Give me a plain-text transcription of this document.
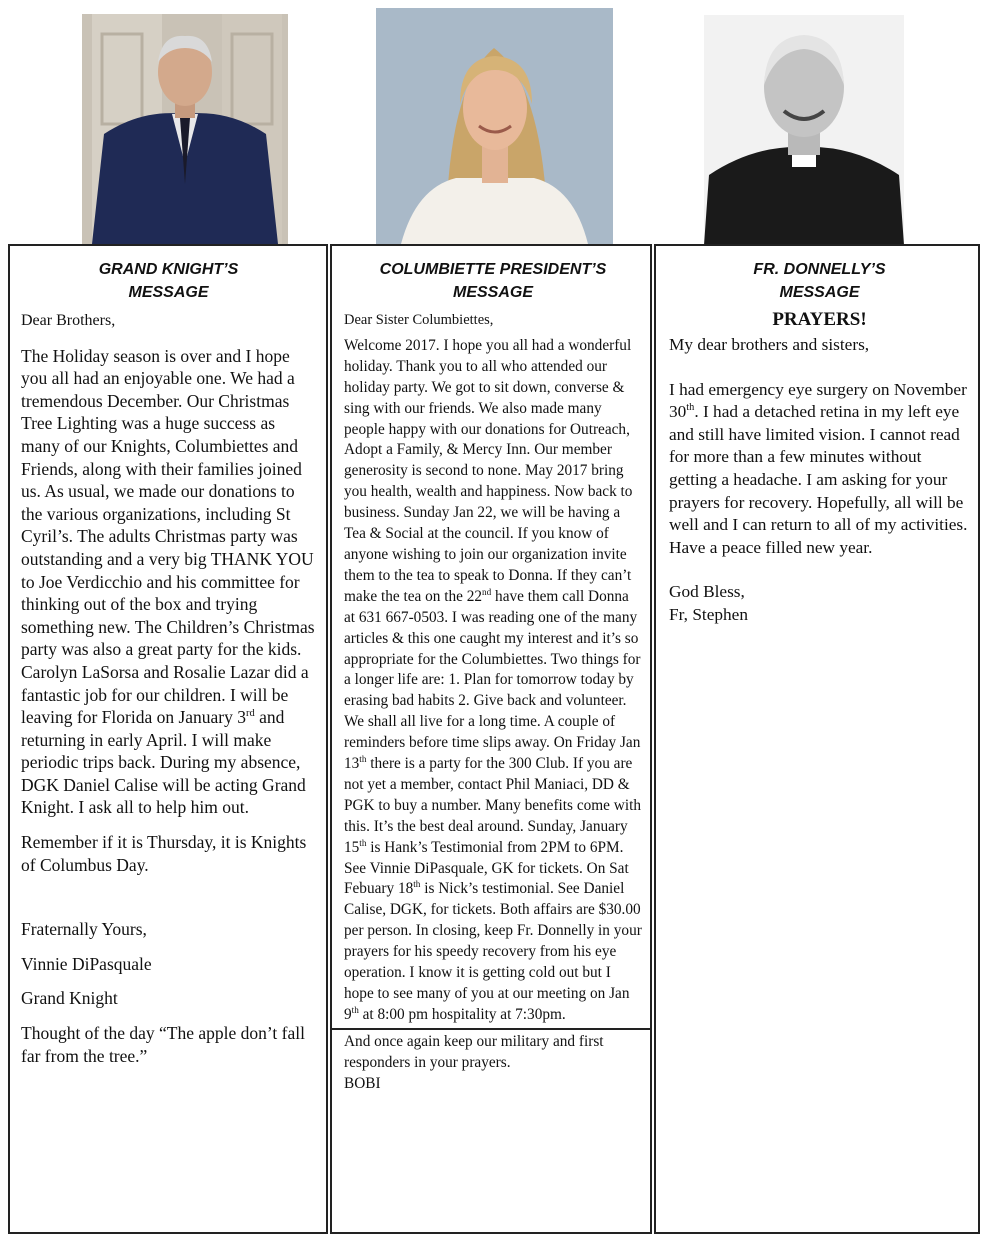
GRAND KNIGHT’S
MESSAGE

Dear Brothers,

The Holiday season is over and I hope you all had an enjoyable one. We had a tremendous December. Our Christmas Tree Lighting was a huge success as many of our Knights, Columbiettes and Friends, along with their families joined us. As usual, we made our donations to the various organizations, including St Cyril’s. The adults Christmas party was outstanding and a very big THANK YOU to Joe Verdicchio and his committee for thinking out of the box and trying something new. The Children’s Christmas party was also a great party for the kids. Carolyn LaSorsa and Rosalie Lazar did a fantastic job for our children. I will be leaving for Florida on January 3rd and returning in early April. I will make periodic trips back. During my absence, DGK Daniel Calise will be acting Grand Knight. I ask all to help him out.

Remember if it is Thursday, it is Knights of Columbus Day.

Fraternally Yours,

Vinnie DiPasquale

Grand Knight

Thought of the day “The apple don’t fall far from the tree.”

COLUMBIETTE PRESIDENT’S
MESSAGE

Dear Sister Columbiettes,

Welcome 2017. I hope you all had a wonderful holiday. Thank you to all who attended our holiday party. We got to sit down, converse & sing with our friends. We also made many people happy with our donations for Outreach, Adopt a Family, & Mercy Inn. Our member generosity is second to none. May 2017 bring you health, wealth and happiness. Now back to business. Sunday Jan 22, we will be having a Tea & Social at the council. If you know of anyone wishing to join our organization invite them to the tea to speak to Donna. If they can’t make the tea on the 22nd have them call Donna at 631 667-0503. I was reading one of the many articles & this one caught my interest and it’s so appropriate for the Columbiettes. Two things for a longer life are: 1. Plan for tomorrow today by erasing bad habits 2. Give back and volunteer. We shall all live for a long time. A couple of reminders before time slips away. On Friday Jan 13th there is a party for the 300 Club. If you are not yet a member, contact Phil Maniaci, DD & PGK to buy a number. Many benefits come with this. It’s the best deal around. Sunday, January 15th is Hank’s Testimonial from 2PM to 6PM. See Vinnie DiPasquale, GK for tickets. On Sat Febuary 18th is Nick’s testimonial. See Daniel Calise, DGK, for tickets. Both affairs are $30.00 per person. In closing, keep Fr. Donnelly in your prayers for his speedy recovery from his eye operation. I know it is getting cold out but I hope to see many of you at our meeting on Jan 9th at 8:00 pm hospitality at 7:30pm.

And once again keep our military and first responders in your prayers.

BOBI

FR. DONNELLY’S
MESSAGE
PRAYERS!

My dear brothers and sisters,

I had emergency eye surgery on November 30th. I had a detached retina in my left eye and still have limited vision. I cannot read for more than a few minutes without getting a headache. I am asking for your prayers for recovery. Hopefully, all will be well and I can return to all of my activities. Have a peace filled new year.

God Bless,

Fr, Stephen
